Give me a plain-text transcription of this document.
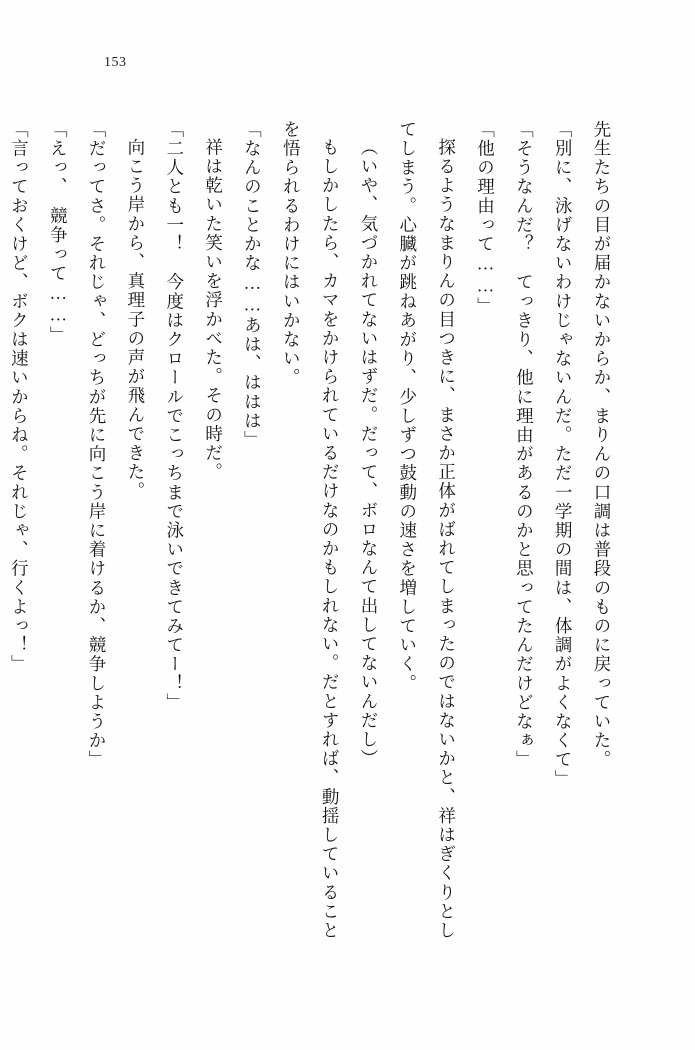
153

先生たちの目が届かないからか、まりんの口調は普段のものに戻っていた。

「別に、泳げないわけじゃないんだ。ただ一学期の間は、体調がよくなくて」

「そうなんだ？　てっきり、他に理由があるのかと思ってたんだけどなぁ」

「他の理由って……」

探るようなまりんの目つきに、まさか正体がばれてしまったのではないかと、祥はぎくりとしてしまう。心臓が跳ねあがり、少しずつ鼓動の速さを増していく。

（いや、気づかれてないはずだ。だって、ボロなんて出してないんだし）

もしかしたら、カマをかけられているだけなのかもしれない。だとすれば、動揺していることを悟られるわけにはいかない。

「なんのことかな……あは、ははは」

祥は乾いた笑いを浮かべた。その時だ。

「二人とも一！　今度はクロールでこっちまで泳いできてみてー！」

向こう岸から、真理子の声が飛んできた。

「だってさ。それじゃ、どっちが先に向こう岸に着けるか、競争しようか」

「えっ、　競争って……」

「言っておくけど、ボクは速いからね。それじゃ、行くよっ！」
